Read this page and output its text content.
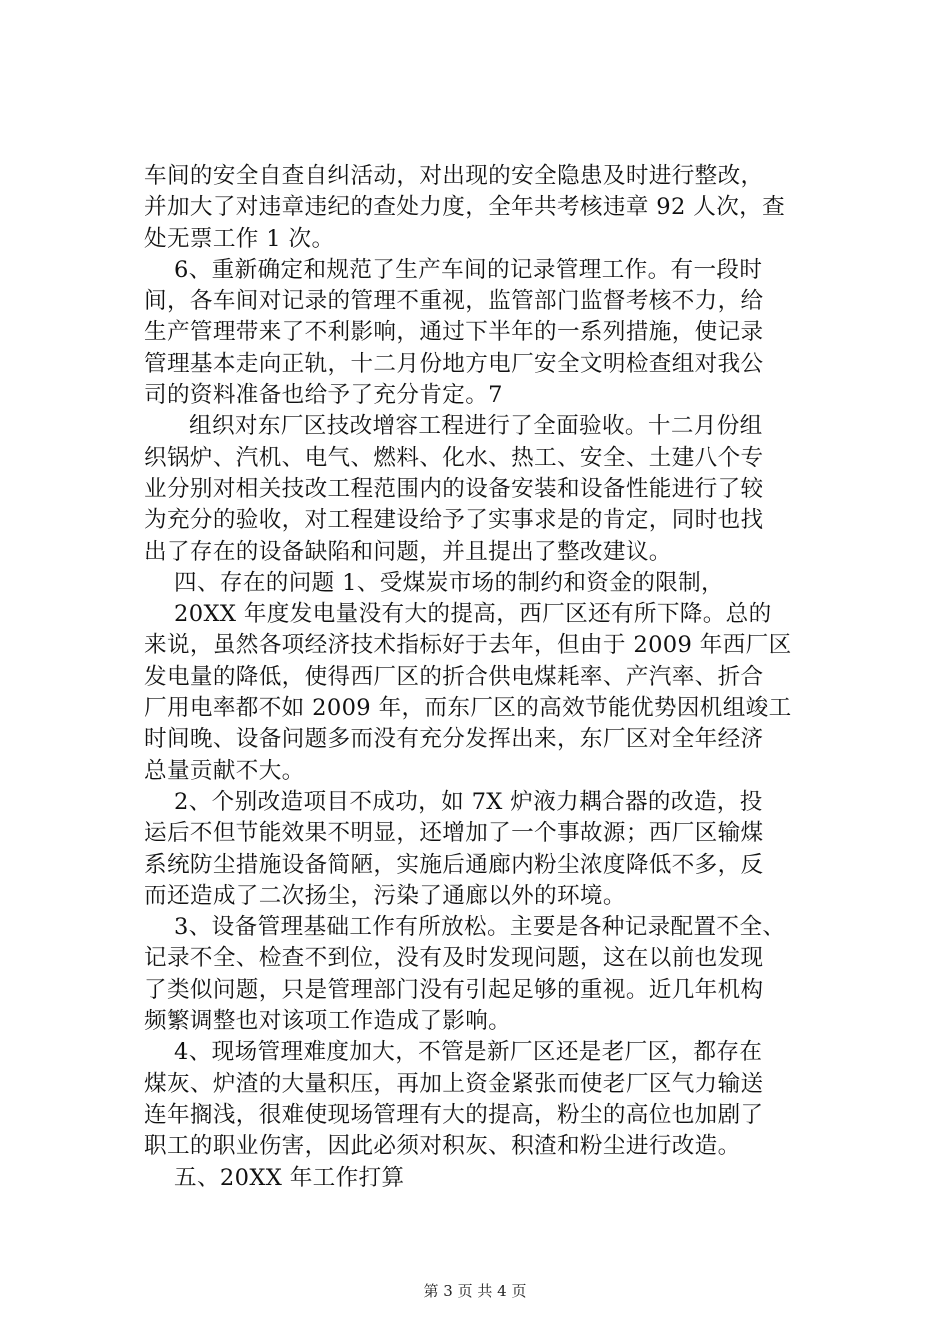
车间的安全自查自纠活动，对出现的安全隐患及时进行整改，
并加大了对违章违纪的查处力度，全年共考核违章 92 人次，查
处无票工作 1 次。
6、重新确定和规范了生产车间的记录管理工作。有一段时
间，各车间对记录的管理不重视，监管部门监督考核不力，给
生产管理带来了不利影响，通过下半年的一系列措施，使记录
管理基本走向正轨，十二月份地方电厂安全文明检查组对我公
司的资料准备也给予了充分肯定。7
组织对东厂区技改增容工程进行了全面验收。十二月份组
织锅炉、汽机、电气、燃料、化水、热工、安全、土建八个专
业分别对相关技改工程范围内的设备安装和设备性能进行了较
为充分的验收，对工程建设给予了实事求是的肯定，同时也找
出了存在的设备缺陷和问题，并且提出了整改建议。
四、存在的问题 1、受煤炭市场的制约和资金的限制，
20XX 年度发电量没有大的提高，西厂区还有所下降。总的
来说，虽然各项经济技术指标好于去年，但由于 2009 年西厂区
发电量的降低，使得西厂区的折合供电煤耗率、产汽率、折合
厂用电率都不如 2009 年，而东厂区的高效节能优势因机组竣工
时间晚、设备问题多而没有充分发挥出来，东厂区对全年经济
总量贡献不大。
2、个别改造项目不成功，如 7X 炉液力耦合器的改造，投
运后不但节能效果不明显，还增加了一个事故源；西厂区输煤
系统防尘措施设备简陋，实施后通廊内粉尘浓度降低不多，反
而还造成了二次扬尘，污染了通廊以外的环境。
3、设备管理基础工作有所放松。主要是各种记录配置不全、
记录不全、检查不到位，没有及时发现问题，这在以前也发现
了类似问题，只是管理部门没有引起足够的重视。近几年机构
频繁调整也对该项工作造成了影响。
4、现场管理难度加大，不管是新厂区还是老厂区，都存在
煤灰、炉渣的大量积压，再加上资金紧张而使老厂区气力输送
连年搁浅，很难使现场管理有大的提高，粉尘的高位也加剧了
职工的职业伤害，因此必须对积灰、积渣和粉尘进行改造。
五、20XX 年工作打算
第 3 页 共 4 页
